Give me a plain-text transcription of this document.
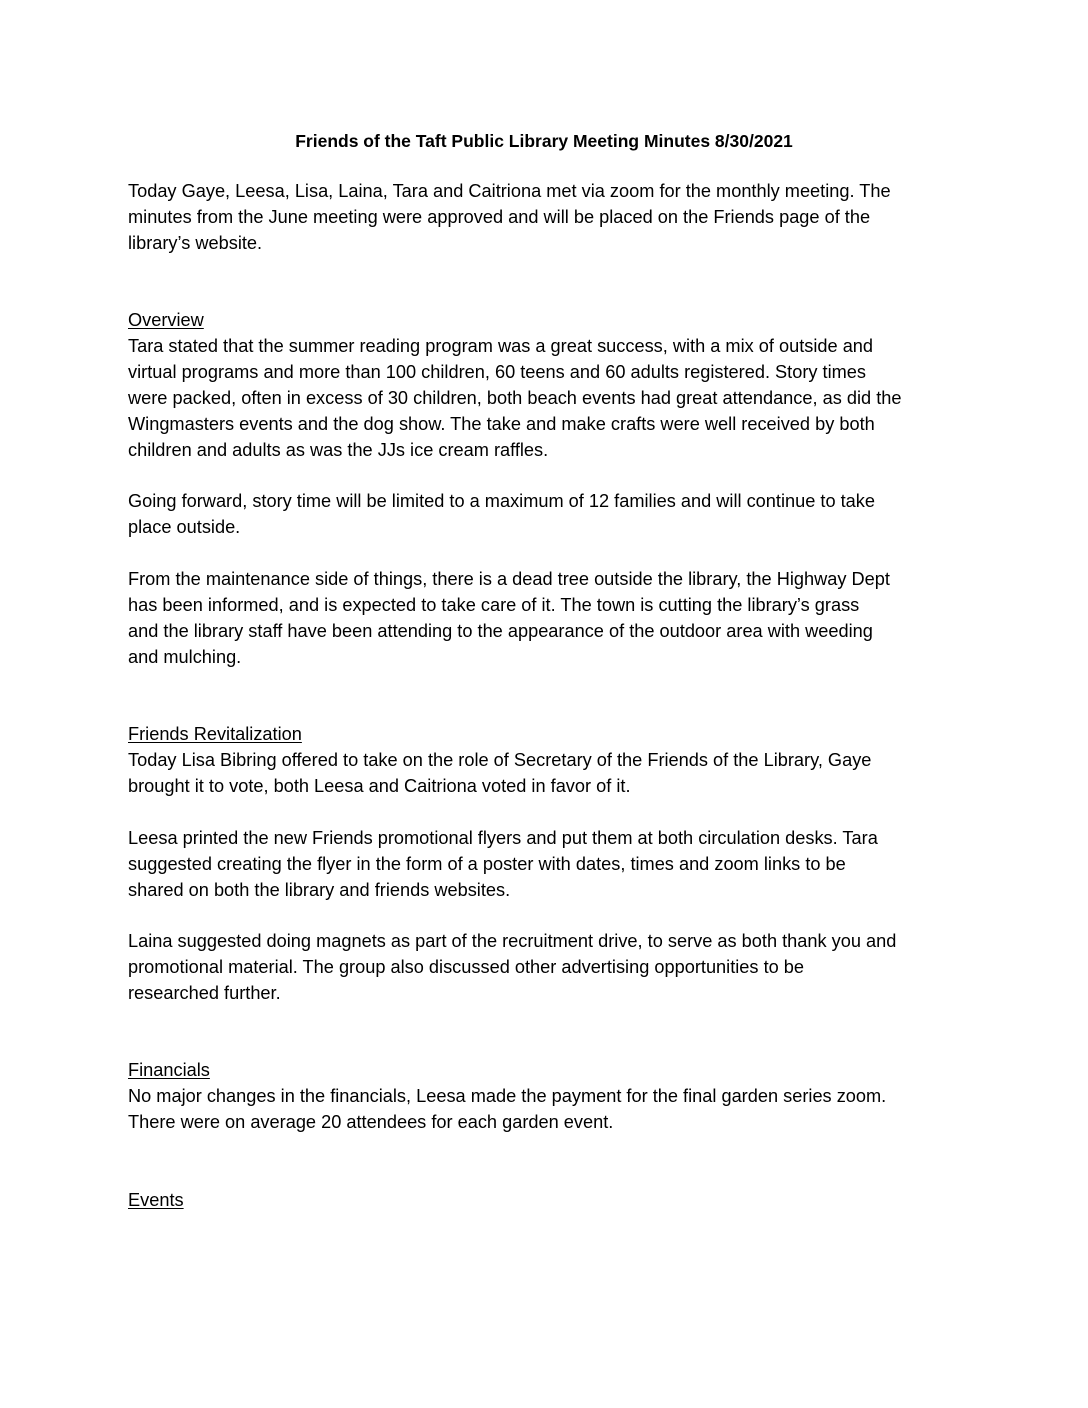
Friends of the Taft Public Library Meeting Minutes 8/30/2021
Today Gaye, Leesa, Lisa, Laina, Tara and Caitriona met via zoom for the monthly meeting. The
minutes from the June meeting were approved and will be placed on the Friends page of the
library’s website.
Overview
Tara stated that the summer reading program was a great success, with a mix of outside and
virtual programs and more than 100 children, 60 teens and 60 adults registered. Story times
were packed, often in excess of 30 children, both beach events had great attendance, as did the
Wingmasters events and the dog show. The take and make crafts were well received by both
children and adults as was the JJs ice cream raffles.
Going forward, story time will be limited to a maximum of 12 families and will continue to take
place outside.
From the maintenance side of things, there is a dead tree outside the library, the Highway Dept
has been informed, and is expected to take care of it. The town is cutting the library’s grass
and the library staff have been attending to the appearance of the outdoor area with weeding
and mulching.
Friends Revitalization
Today Lisa Bibring offered to take on the role of Secretary of the Friends of the Library, Gaye
brought it to vote, both Leesa and Caitriona voted in favor of it.
Leesa printed the new Friends promotional flyers and put them at both circulation desks. Tara
suggested creating the flyer in the form of a poster with dates, times and zoom links to be
shared on both the library and friends websites.
Laina suggested doing magnets as part of the recruitment drive, to serve as both thank you and
promotional material. The group also discussed other advertising opportunities to be
researched further.
Financials
No major changes in the financials, Leesa made the payment for the final garden series zoom.
There were on average 20 attendees for each garden event.
Events
